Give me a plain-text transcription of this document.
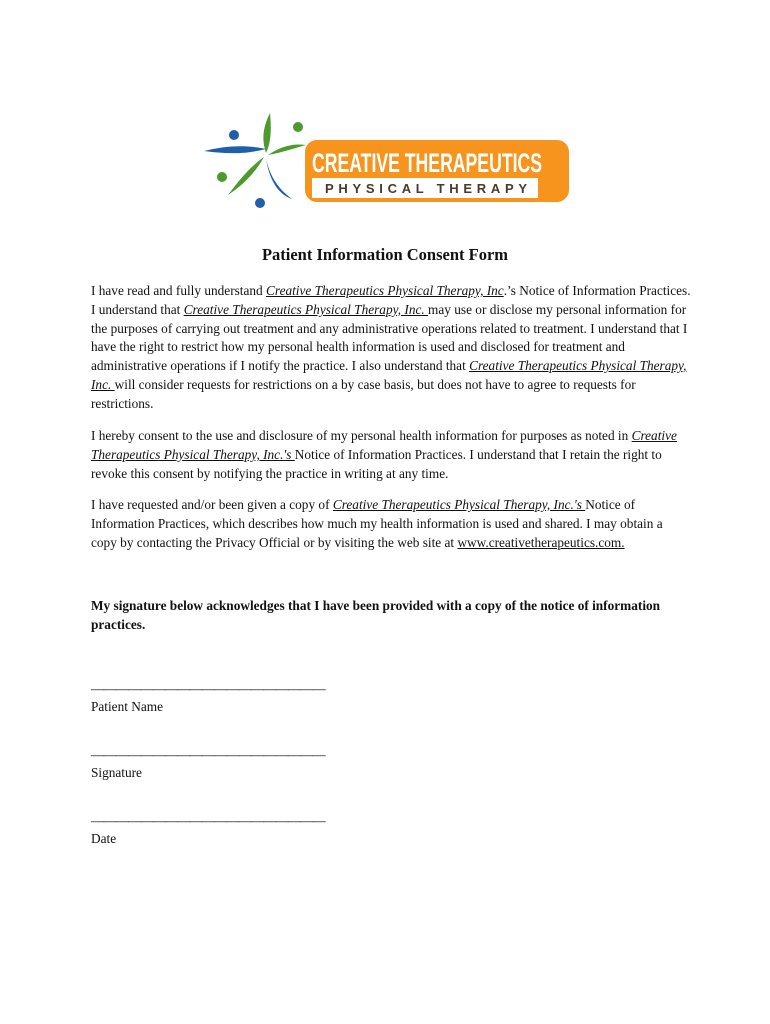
CREATIVE THERAPEUTICS
PHYSICAL THERAPY
Patient Information Consent Form
I have read and fully understand Creative Therapeutics Physical Therapy, Inc.’s Notice of Information Practices. I understand that Creative Therapeutics Physical Therapy, Inc. may use or disclose my personal information for the purposes of carrying out treatment and any administrative operations related to treatment. I understand that I have the right to restrict how my personal health information is used and disclosed for treatment and administrative operations if I notify the practice. I also understand that Creative Therapeutics Physical Therapy, Inc. will consider requests for restrictions on a by case basis, but does not have to agree to requests for restrictions.
I hereby consent to the use and disclosure of my personal health information for purposes as noted in Creative Therapeutics Physical Therapy, Inc.'s Notice of Information Practices. I understand that I retain the right to revoke this consent by notifying the practice in writing at any time.
I have requested and/or been given a copy of Creative Therapeutics Physical Therapy, Inc.'s Notice of Information Practices, which describes how much my health information is used and shared. I may obtain a copy by contacting the Privacy Official or by visiting the web site at www.creativetherapeutics.com.
My signature below acknowledges that I have been provided with a copy of the notice of information practices.
———————————————————
Patient Name
———————————————————
Signature
———————————————————
Date
